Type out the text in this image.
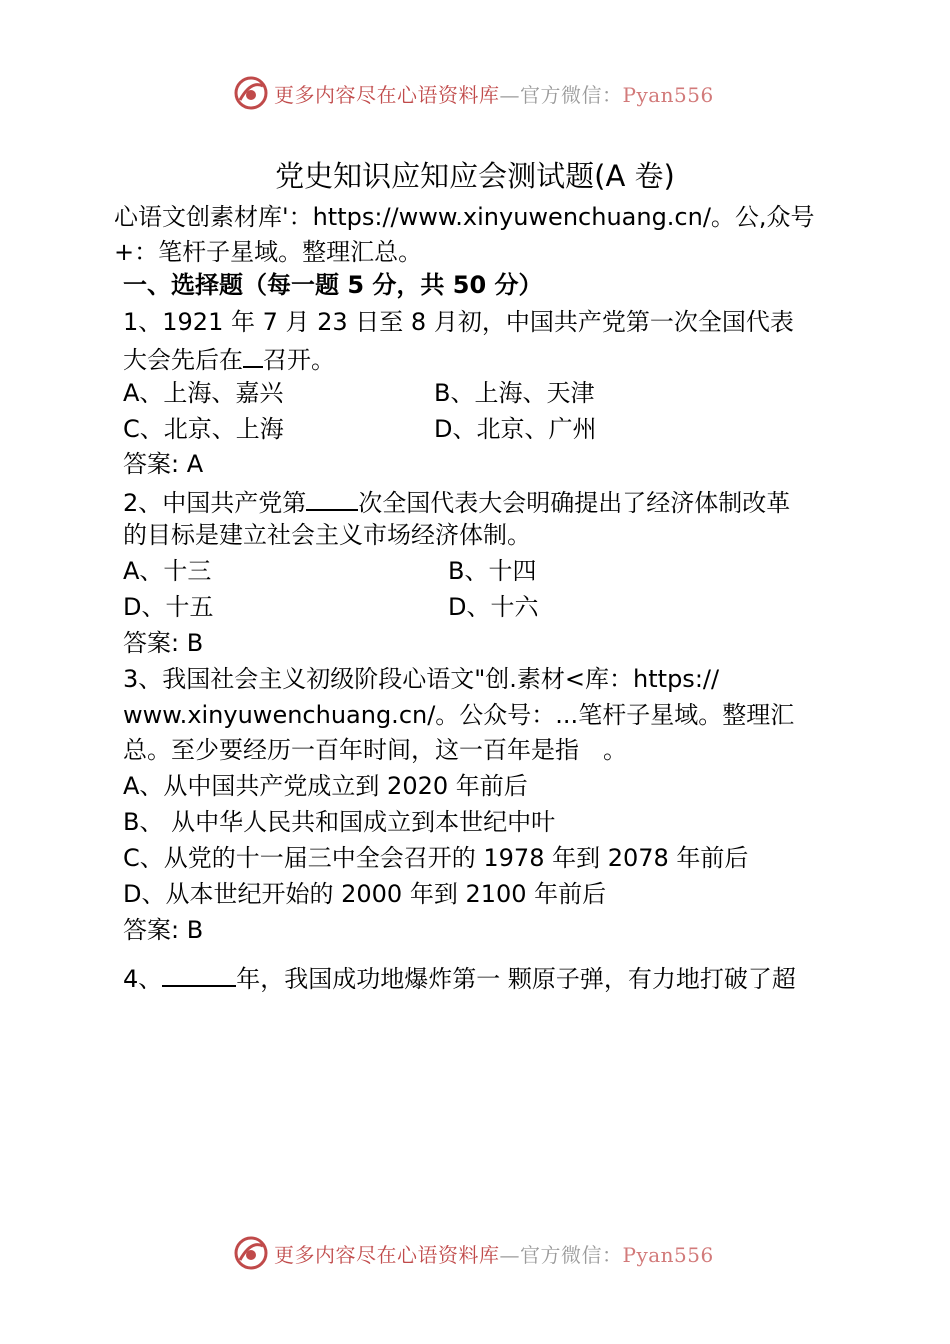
更多内容尽在心语资料库—官方微信：Pyan556
党史知识应知应会测试题(A 卷)
心语文创素材库'：https://www.xinyuwenchuang.cn/。公,众号
+：笔杆子星域。整理汇总。
一、选择题（每一题 5 分，共 50 分）
1、1921 年 7 月 23 日至 8 月初，中国共产党第一次全国代表
大会先后在 召开。
A、上海、嘉兴	B、上海、天津
C、北京、上海	D、北京、广州
答案: A
2、中国共产党第 次全国代表大会明确提出了经济体制改革
的目标是建立社会主义市场经济体制。
A、十三	B、十四
D、十五	D、十六
答案: B
3、我国社会主义初级阶段心语文"创.素材<库：https://
www.xinyuwenchuang.cn/。公众号：...笔杆子星域。整理汇
总。至少要经历一百年时间，这一百年是指　。
A、从中国共产党成立到 2020 年前后
B、 从中华人民共和国成立到本世纪中叶
C、从党的十一届三中全会召开的 1978 年到 2078 年前后
D、从本世纪开始的 2000 年到 2100 年前后
答案: B
4、	年，我国成功地爆炸第一 颗原子弹，有力地打破了超
更多内容尽在心语资料库—官方微信：Pyan556
